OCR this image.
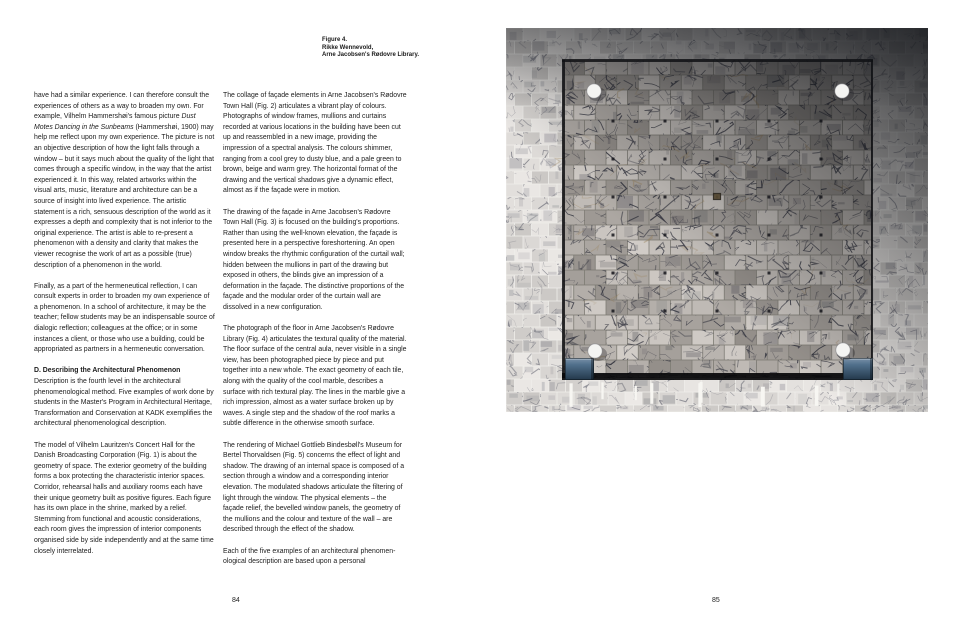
Figure 4.
Rikke Wennevold,
Arne Jacobsen's Rødovre Library.

have had a similar experience. I can therefore consult the experiences of others as a way to broaden my own. For example, Vilhelm Hammershøi's famous picture Dust Motes Dancing in the Sunbeams (Hammershøi, 1900) may help me reflect upon my own experience. The picture is not an objective description of how the light falls through a window – but it says much about the quality of the light that comes through a specific window, in the way that the artist experienced it. In this way, related artworks within the visual arts, music, literature and architecture can be a source of insight into lived experience. The artistic statement is a rich, sensuous description of the world as it expresses a depth and complexity that is not inferior to the original experience. The artist is able to re-present a phenomenon with a density and clarity that makes the viewer recognise the work of art as a possible (true) description of a phenomenon in the world.

Finally, as a part of the hermeneutical reflection, I can consult experts in order to broaden my own experience of a phenomenon. In a school of architecture, it may be the teacher; fellow students may be an indispensable source of dialogic reflection; colleagues at the office; or in some instances a client, or those who use a building, could be appropriated as partners in a hermeneutic conversation.

D. Describing the Architectural Phenomenon

Description is the fourth level in the architectural phenomenological method. Five examples of work done by students in the Master's Program in Architectural Heritage, Transformation and Conservation at KADK exemplifies the architectural phenomenological description.

The model of Vilhelm Lauritzen's Concert Hall for the Danish Broadcasting Corporation (Fig. 1) is about the geometry of space. The exterior geometry of the building forms a box protecting the characteristic interior spaces. Corridor, rehearsal halls and auxiliary rooms each have their unique geometry built as positive figures. Each figure has its own place in the shrine, marked by a relief. Stemming from functional and acoustic considerations, each room gives the impression of interior components organised side by side independently and at the same time closely interrelated.

The collage of façade elements in Arne Jacobsen's Rødovre Town Hall (Fig. 2) articulates a vibrant play of colours. Photographs of window frames, mullions and curtains recorded at various locations in the building have been cut up and reassembled in a new image, providing the impression of a spectral analysis. The colours shimmer, ranging from a cool grey to dusty blue, and a pale green to brown, beige and warm grey. The horizontal format of the drawing and the vertical shadows give a dynamic effect, almost as if the façade were in motion.

The drawing of the façade in Arne Jacobsen's Rødovre Town Hall (Fig. 3) is focused on the building's proportions. Rather than using the well-known elevation, the façade is presented here in a perspective foreshortening. An open window breaks the rhythmic configuration of the curtail wall; hidden between the mullions in part of the drawing but exposed in others, the blinds give an impression of a deformation in the façade. The distinctive proportions of the façade and the modular order of the curtain wall are dissolved in a new configuration.

The photograph of the floor in Arne Jacobsen's Rødovre Library (Fig. 4) articulates the textural quality of the material. The floor surface of the central aula, never visible in a single view, has been photographed piece by piece and put together into a new whole. The exact geometry of each tile, along with the quality of the cool marble, describes a surface with rich textural play. The lines in the marble give a rich impression, almost as a water surface broken up by waves. A single step and the shadow of the roof marks a subtle difference in the otherwise smooth surface.

The rendering of Michael Gottlieb Bindesbøll's Museum for Bertel Thorvaldsen (Fig. 5) concerns the effect of light and shadow. The drawing of an internal space is composed of a section through a window and a corresponding interior elevation. The modulated shadows articulate the filtering of light through the window. The physical elements – the façade relief, the bevelled window panels, the geometry of the mullions and the colour and texture of the wall – are described through the effect of the shadow.

Each of the five examples of an architectural phenomen-ological description are based upon a personal

84	85
